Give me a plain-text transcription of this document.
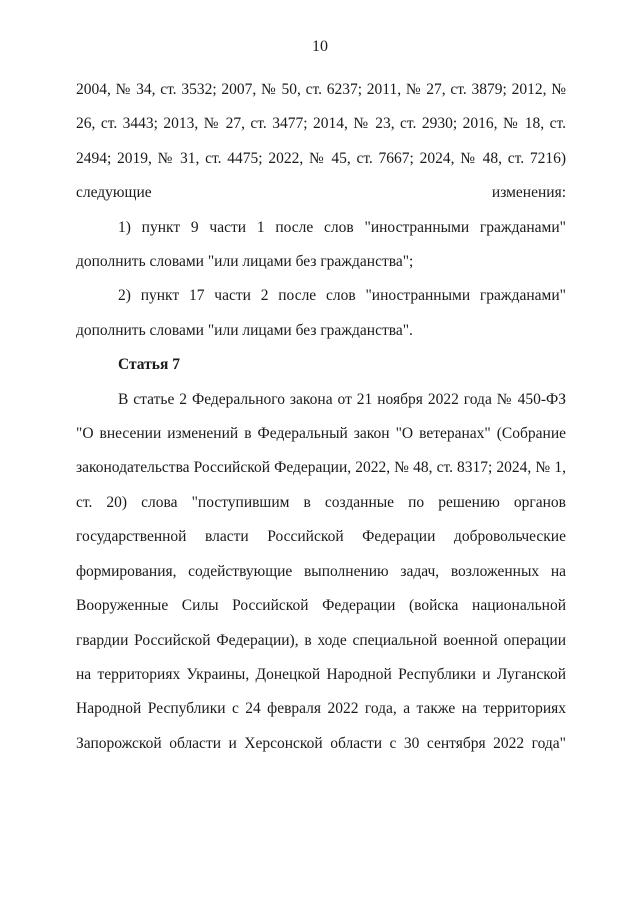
10

2004, № 34, ст. 3532; 2007, № 50, ст. 6237; 2011, № 27, ст. 3879; 2012, № 26, ст. 3443; 2013, № 27, ст. 3477; 2014, № 23, ст. 2930; 2016, № 18, ст. 2494; 2019, № 31, ст. 4475; 2022, № 45, ст. 7667; 2024, № 48, ст. 7216) следующие изменения:

1) пункт 9 части 1 после слов "иностранными гражданами" дополнить словами "или лицами без гражданства";

2) пункт 17 части 2 после слов "иностранными гражданами" дополнить словами "или лицами без гражданства".

Статья 7

В статье 2 Федерального закона от 21 ноября 2022 года № 450-ФЗ "О внесении изменений в Федеральный закон "О ветеранах" (Собрание законодательства Российской Федерации, 2022, № 48, ст. 8317; 2024, № 1, ст. 20) слова "поступившим в созданные по решению органов государственной власти Российской Федерации добровольческие формирования, содействующие выполнению задач, возложенных на Вооруженные Силы Российской Федерации (войска национальной гвардии Российской Федерации), в ходе специальной военной операции на территориях Украины, Донецкой Народной Республики и Луганской Народной Республики с 24 февраля 2022 года, а также на территориях Запорожской области и Херсонской области с 30 сентября 2022 года"
